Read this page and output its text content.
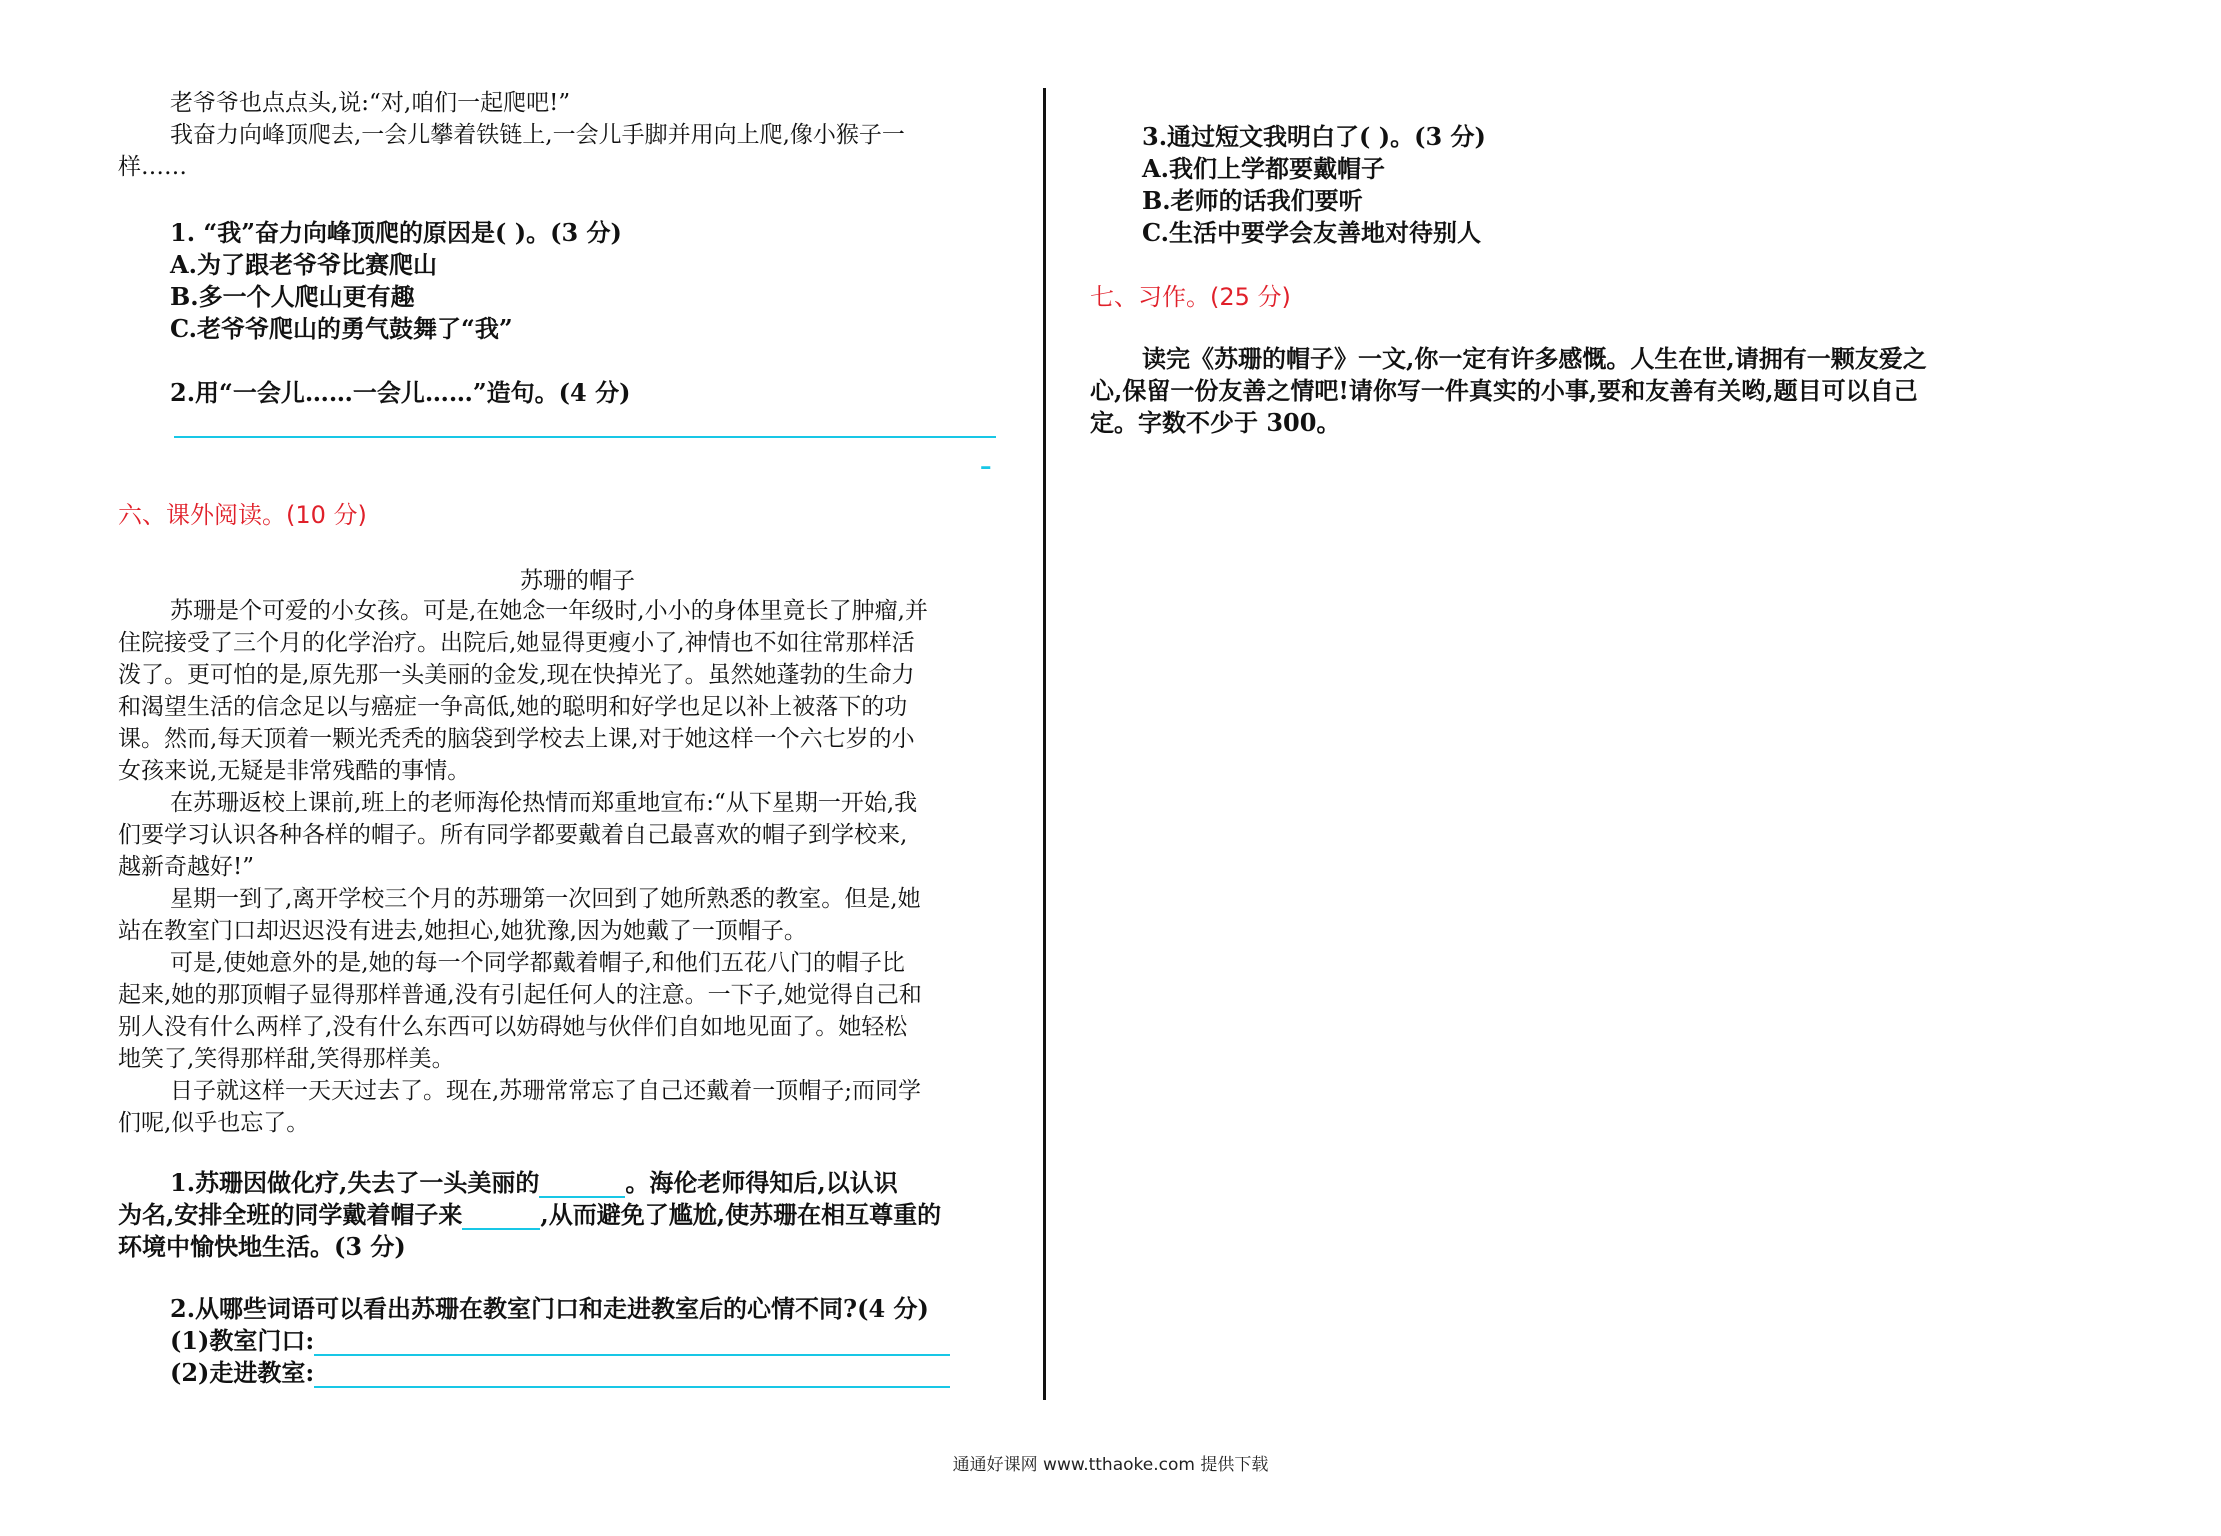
老爷爷也点点头,说:“对,咱们一起爬吧!”
我奋力向峰顶爬去,一会儿攀着铁链上,一会儿手脚并用向上爬,像小猴子一
样……
1. “我”奋力向峰顶爬的原因是( )。(3 分)
A.为了跟老爷爷比赛爬山
B.多一个人爬山更有趣
C.老爷爷爬山的勇气鼓舞了“我”
2.用“一会儿……一会儿……”造句。(4 分)
–
六、课外阅读。(10 分)
苏珊的帽子
苏珊是个可爱的小女孩。可是,在她念一年级时,小小的身体里竟长了肿瘤,并
住院接受了三个月的化学治疗。出院后,她显得更瘦小了,神情也不如往常那样活
泼了。更可怕的是,原先那一头美丽的金发,现在快掉光了。虽然她蓬勃的生命力
和渴望生活的信念足以与癌症一争高低,她的聪明和好学也足以补上被落下的功
课。然而,每天顶着一颗光秃秃的脑袋到学校去上课,对于她这样一个六七岁的小
女孩来说,无疑是非常残酷的事情。
在苏珊返校上课前,班上的老师海伦热情而郑重地宣布:“从下星期一开始,我
们要学习认识各种各样的帽子。所有同学都要戴着自己最喜欢的帽子到学校来,
越新奇越好!”
星期一到了,离开学校三个月的苏珊第一次回到了她所熟悉的教室。但是,她
站在教室门口却迟迟没有进去,她担心,她犹豫,因为她戴了一顶帽子。
可是,使她意外的是,她的每一个同学都戴着帽子,和他们五花八门的帽子比
起来,她的那顶帽子显得那样普通,没有引起任何人的注意。一下子,她觉得自己和
别人没有什么两样了,没有什么东西可以妨碍她与伙伴们自如地见面了。她轻松
地笑了,笑得那样甜,笑得那样美。
日子就这样一天天过去了。现在,苏珊常常忘了自己还戴着一顶帽子;而同学
们呢,似乎也忘了。
1.苏珊因做化疗,失去了一头美丽的	。海伦老师得知后,以认识
为名,安排全班的同学戴着帽子来	,从而避免了尴尬,使苏珊在相互尊重的
环境中愉快地生活。(3 分)
2.从哪些词语可以看出苏珊在教室门口和走进教室后的心情不同?(4 分)
(1)教室门口:
(2)走进教室:
3.通过短文我明白了( )。(3 分)
A.我们上学都要戴帽子
B.老师的话我们要听
C.生活中要学会友善地对待别人
七、习作。(25 分)
读完《苏珊的帽子》一文,你一定有许多感慨。人生在世,请拥有一颗友爱之
心,保留一份友善之情吧!请你写一件真实的小事,要和友善有关哟,题目可以自己
定。字数不少于 300。
通通好课网 www.tthaoke.com 提供下载
